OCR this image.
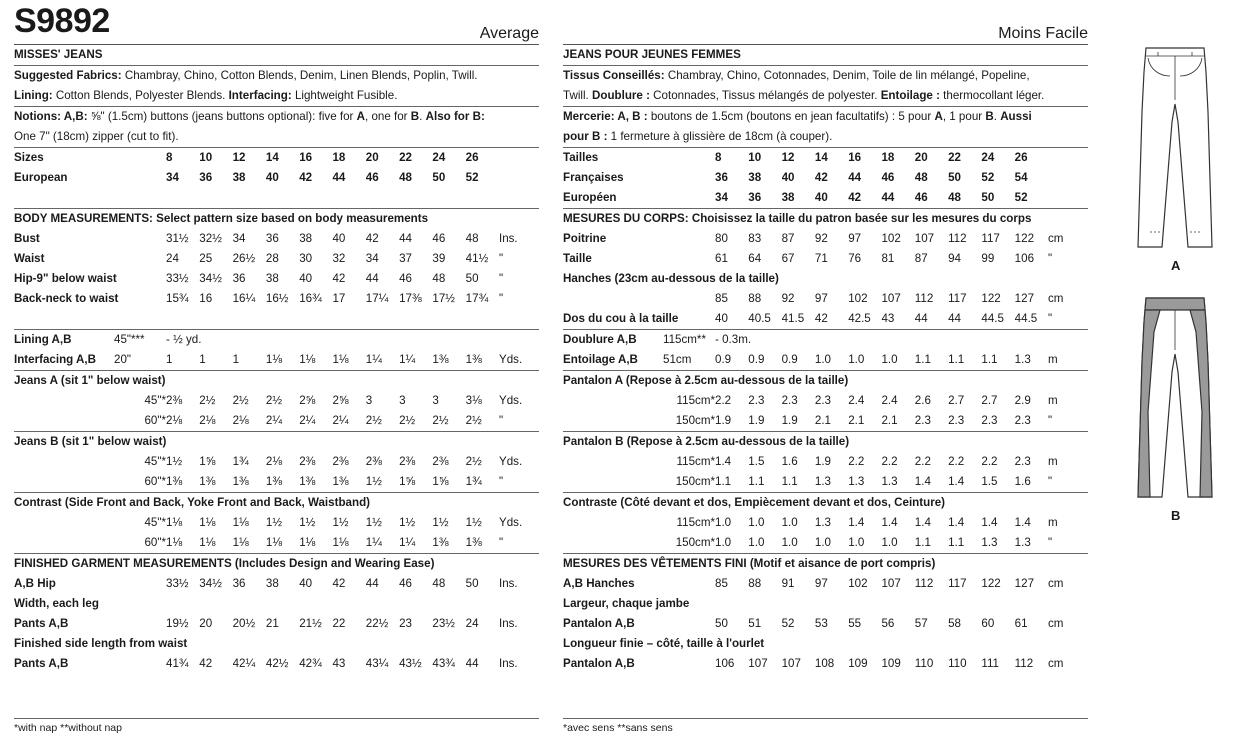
S9892	Average
MISSES' JEANS
Suggested Fabrics: Chambray, Chino, Cotton Blends, Denim, Linen Blends, Poplin, Twill.
Lining: Cotton Blends, Polyester Blends. Interfacing: Lightweight Fusible.
Notions: A,B: ⅝" (1.5cm) buttons (jeans buttons optional): five for A, one for B. Also for B:
One 7" (18cm) zipper (cut to fit).
Sizes	8	10	12	14	16	18	20	22	24	26	
European	34	36	38	40	42	44	46	48	50	52	

BODY MEASUREMENTS: Select pattern size based on body measurements											
Bust	31½	32½	34	36	38	40	42	44	46	48	Ins.
Waist	24	25	26½	28	30	32	34	37	39	41½	"
Hip-9" below waist	33½	34½	36	38	40	42	44	46	48	50	"
Back-neck to waist	15¾	16	16¼	16½	16¾	17	17¼	17⅜	17½	17¾	"

Lining A,B	45"***	- ½ yd.										
Interfacing A,B	20"	1	1	1	1⅛	1⅛	1⅛	1¼	1¼	1⅜	1⅜	Yds.
Jeans A (sit 1" below waist)												
	45"*	2⅜	2½	2½	2½	2⅝	2⅝	3	3	3	3⅛	Yds.
	60"*	2⅛	2⅛	2⅛	2¼	2¼	2¼	2½	2½	2½	2½	"
Jeans B (sit 1" below waist)												
	45"*	1½	1⅝	1¾	2⅛	2⅜	2⅜	2⅜	2⅜	2⅜	2½	Yds.
	60"*	1⅜	1⅜	1⅜	1⅜	1⅜	1⅜	1½	1⅝	1⅝	1¾	"
Contrast (Side Front and Back, Yoke Front and Back, Waistband)												
	45"*	1⅛	1⅛	1⅛	1½	1½	1½	1½	1½	1½	1½	Yds.
	60"*	1⅛	1⅛	1⅛	1⅛	1⅛	1⅛	1¼	1¼	1⅜	1⅜	"
FINISHED GARMENT MEASUREMENTS (Includes Design and Wearing Ease)											
A,B Hip	33½	34½	36	38	40	42	44	46	48	50	Ins.
Width, each leg											
Pants A,B	19½	20	20½	21	21½	22	22½	23	23½	24	Ins.
Finished side length from waist											
Pants A,B	41¾	42	42¼	42½	42¾	43	43¼	43½	43¾	44	Ins.
Moins Facile
JEANS POUR JEUNES FEMMES
Tissus Conseillés: Chambray, Chino, Cotonnades, Denim, Toile de lin mélangé, Popeline,
Twill. Doublure : Cotonnades, Tissus mélangés de polyester. Entoilage : thermocollant léger.
Mercerie: A, B : boutons de 1.5cm (boutons en jean facultatifs) : 5 pour A, 1 pour B. Aussi
pour B : 1 fermeture à glissière de 18cm (à couper).
Tailles	8	10	12	14	16	18	20	22	24	26	
Françaises	36	38	40	42	44	46	48	50	52	54	
Européen	34	36	38	40	42	44	46	48	50	52	
MESURES DU CORPS: Choisissez la taille du patron basée sur les mesures du corps											
Poitrine	80	83	87	92	97	102	107	112	117	122	cm
Taille	61	64	67	71	76	81	87	94	99	106	"
Hanches (23cm au-dessous de la taille)											
	85	88	92	97	102	107	112	117	122	127	cm
Dos du cou à la taille	40	40.5	41.5	42	42.5	43	44	44	44.5	44.5	"
Doublure A,B	115cm**	- 0.3m.										
Entoilage A,B	51cm	0.9	0.9	0.9	1.0	1.0	1.0	1.1	1.1	1.1	1.3	m
Pantalon A (Repose à 2.5cm au-dessous de la taille)												
	115cm*	2.2	2.3	2.3	2.3	2.4	2.4	2.6	2.7	2.7	2.9	m
	150cm*	1.9	1.9	1.9	2.1	2.1	2.1	2.3	2.3	2.3	2.3	"
Pantalon B (Repose à 2.5cm au-dessous de la taille)												
	115cm*	1.4	1.5	1.6	1.9	2.2	2.2	2.2	2.2	2.2	2.3	m
	150cm*	1.1	1.1	1.1	1.3	1.3	1.3	1.4	1.4	1.5	1.6	"
Contraste (Côté devant et dos, Empiècement devant et dos, Ceinture)												
	115cm*	1.0	1.0	1.0	1.3	1.4	1.4	1.4	1.4	1.4	1.4	m
	150cm*	1.0	1.0	1.0	1.0	1.0	1.0	1.1	1.1	1.3	1.3	"
MESURES DES VÊTEMENTS FINI (Motif et aisance de port compris)											
A,B Hanches	85	88	91	97	102	107	112	117	122	127	cm
Largeur, chaque jambe											
Pantalon A,B	50	51	52	53	55	56	57	58	60	61	cm
Longueur finie – côté, taille à l'ourlet											
Pantalon A,B	106	107	107	108	109	109	110	110	111	112	cm
*with nap **without nap	*avec sens **sans sens
A
B
